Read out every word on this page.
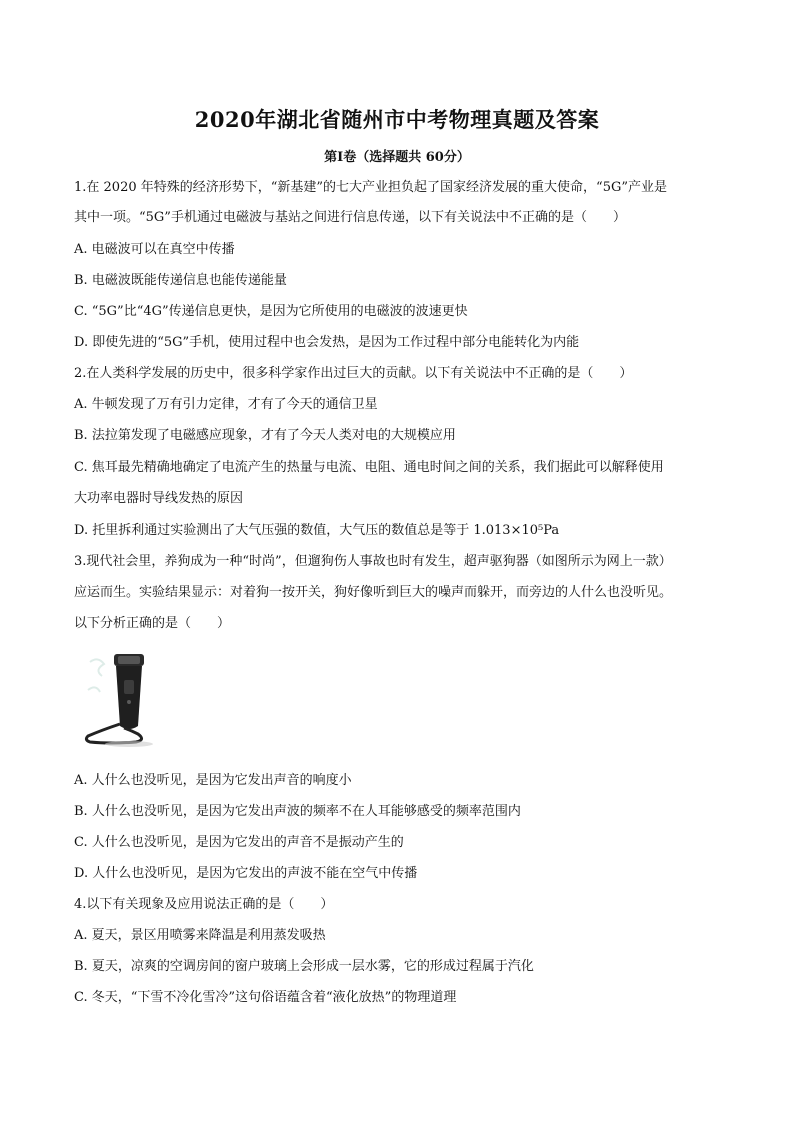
2020年湖北省随州市中考物理真题及答案
第Ⅰ卷（选择题共 60分）
1.在 2020 年特殊的经济形势下，“新基建”的七大产业担负起了国家经济发展的重大使命，“5G”产业是
其中一项。“5G”手机通过电磁波与基站之间进行信息传递，以下有关说法中不正确的是（　　）
A. 电磁波可以在真空中传播
B. 电磁波既能传递信息也能传递能量
C. “5G”比“4G”传递信息更快，是因为它所使用的电磁波的波速更快
D. 即使先进的“5G”手机，使用过程中也会发热，是因为工作过程中部分电能转化为内能
2.在人类科学发展的历史中，很多科学家作出过巨大的贡献。以下有关说法中不正确的是（　　）
A. 牛顿发现了万有引力定律，才有了今天的通信卫星
B. 法拉第发现了电磁感应现象，才有了今天人类对电的大规模应用
C. 焦耳最先精确地确定了电流产生的热量与电流、电阻、通电时间之间的关系，我们据此可以解释使用
大功率电器时导线发热的原因
D. 托里拆利通过实验测出了大气压强的数值，大气压的数值总是等于 1.013×10⁵Pa
3.现代社会里，养狗成为一种“时尚”，但遛狗伤人事故也时有发生，超声驱狗器（如图所示为网上一款）
应运而生。实验结果显示：对着狗一按开关，狗好像听到巨大的噪声而躲开，而旁边的人什么也没听见。
以下分析正确的是（　　）
A. 人什么也没听见，是因为它发出声音的响度小
B. 人什么也没听见，是因为它发出声波的频率不在人耳能够感受的频率范围内
C. 人什么也没听见，是因为它发出的声音不是振动产生的
D. 人什么也没听见，是因为它发出的声波不能在空气中传播
4.以下有关现象及应用说法正确的是（　　）
A. 夏天，景区用喷雾来降温是利用蒸发吸热
B. 夏天，凉爽的空调房间的窗户玻璃上会形成一层水雾，它的形成过程属于汽化
C. 冬天，“下雪不冷化雪冷”这句俗语蕴含着“液化放热”的物理道理
